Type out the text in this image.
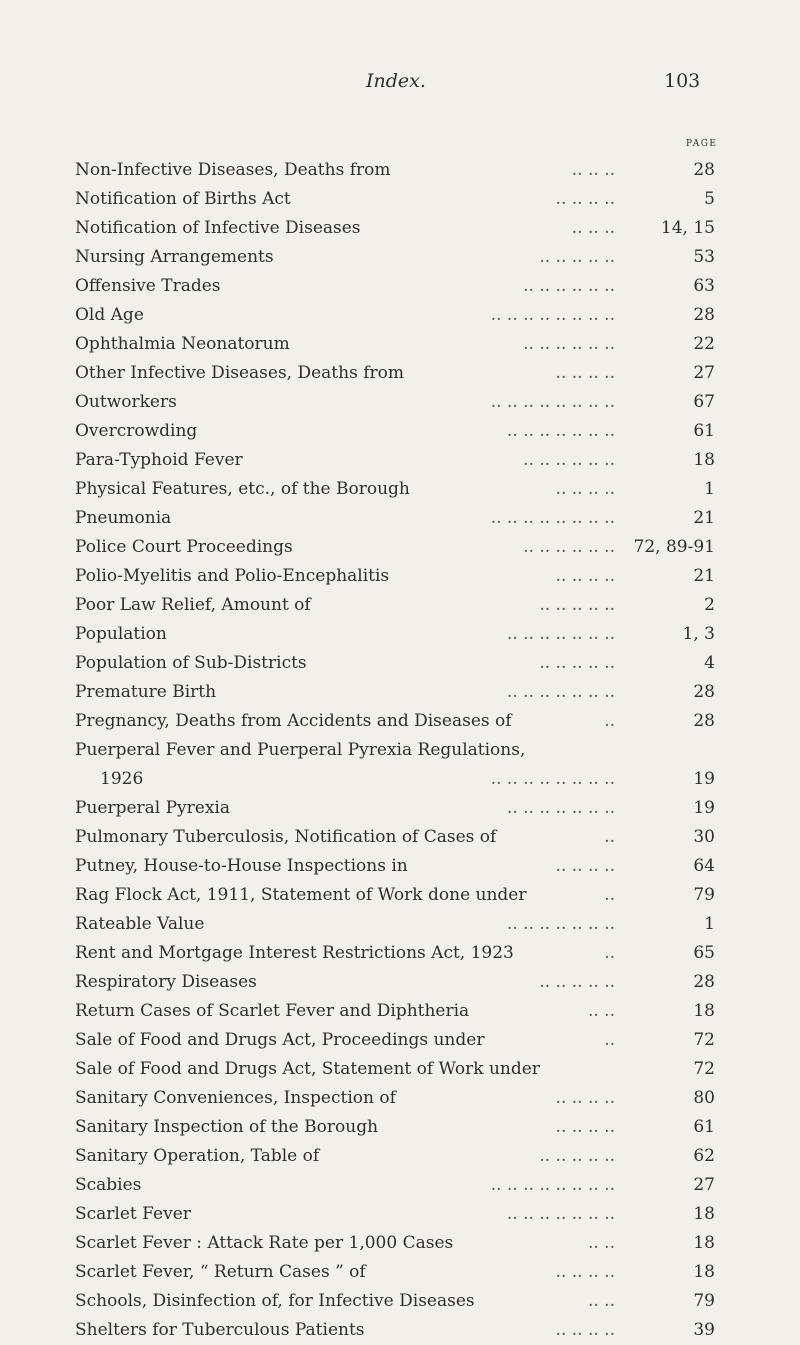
Index.	103
page
Non-Infective Diseases, Deaths from	.. .. ..	28
Notification of Births Act	.. .. .. ..	5
Notification of Infective Diseases	.. .. ..	14, 15
Nursing Arrangements	.. .. .. .. ..	53
Offensive Trades	.. .. .. .. .. ..	63
Old Age	.. .. .. .. .. .. .. ..	28
Ophthalmia Neonatorum	.. .. .. .. .. ..	22
Other Infective Diseases, Deaths from	.. .. .. ..	27
Outworkers	.. .. .. .. .. .. .. ..	67
Overcrowding	.. .. .. .. .. .. ..	61
Para-Typhoid Fever	.. .. .. .. .. ..	18
Physical Features, etc., of the Borough	.. .. .. ..	1
Pneumonia	.. .. .. .. .. .. .. ..	21
Police Court Proceedings	.. .. .. .. .. .. 72, 89-91
Polio-Myelitis and Polio-Encephalitis	.. .. .. ..	21
Poor Law Relief, Amount of	.. .. .. .. ..	2
Population	.. .. .. .. .. .. ..	1, 3
Population of Sub-Districts	.. .. .. .. ..	4
Premature Birth	.. .. .. .. .. .. ..	28
Pregnancy, Deaths from Accidents and Diseases of	..	28
Puerperal Fever and Puerperal Pyrexia Regulations,
1926	.. .. .. .. .. .. .. ..	19
Puerperal Pyrexia	.. .. .. .. .. .. ..	19
Pulmonary Tuberculosis, Notification of Cases of	..	30
Putney, House-to-House Inspections in	.. .. .. ..	64
Rag Flock Act, 1911, Statement of Work done under	..	79
Rateable Value	.. .. .. .. .. .. ..	1
Rent and Mortgage Interest Restrictions Act, 1923	..	65
Respiratory Diseases	.. .. .. .. ..	28
Return Cases of Scarlet Fever and Diphtheria	.. ..	18
Sale of Food and Drugs Act, Proceedings under	..	72
Sale of Food and Drugs Act, Statement of Work under	72
Sanitary Conveniences, Inspection of	.. .. .. ..	80
Sanitary Inspection of the Borough	.. .. .. ..	61
Sanitary Operation, Table of	.. .. .. .. ..	62
Scabies	.. .. .. .. .. .. .. ..	27
Scarlet Fever	.. .. .. .. .. .. ..	18
Scarlet Fever : Attack Rate per 1,000 Cases	.. ..	18
Scarlet Fever, “ Return Cases ” of	.. .. .. ..	18
Schools, Disinfection of, for Infective Diseases	.. ..	79
Shelters for Tuberculous Patients	.. .. .. ..	39
